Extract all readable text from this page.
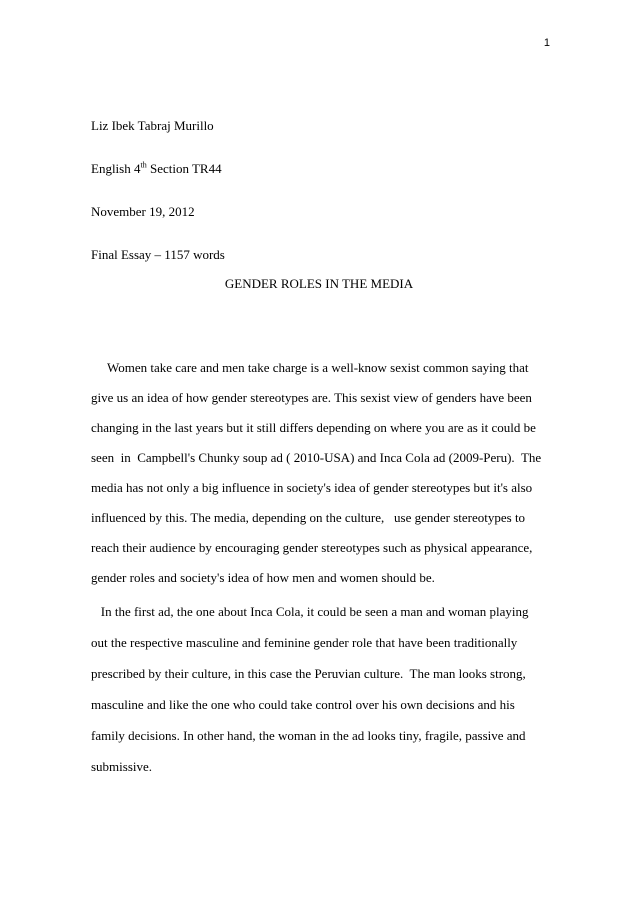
1
Liz Ibek Tabraj Murillo
English 4th Section TR44
November 19, 2012
Final Essay – 1157 words
GENDER ROLES IN THE MEDIA
Women take care and men take charge is a well-know sexist common saying that
give us an idea of how gender stereotypes are. This sexist view of genders have been
changing in the last years but it still differs depending on where you are as it could be
seen  in  Campbell's Chunky soup ad ( 2010-USA) and Inca Cola ad (2009-Peru).  The
media has not only a big influence in society's idea of gender stereotypes but it's also
influenced by this. The media, depending on the culture,   use gender stereotypes to
reach their audience by encouraging gender stereotypes such as physical appearance,
gender roles and society's idea of how men and women should be.
In the first ad, the one about Inca Cola, it could be seen a man and woman playing
out the respective masculine and feminine gender role that have been traditionally
prescribed by their culture, in this case the Peruvian culture.  The man looks strong,
masculine and like the one who could take control over his own decisions and his
family decisions. In other hand, the woman in the ad looks tiny, fragile, passive and
submissive.
